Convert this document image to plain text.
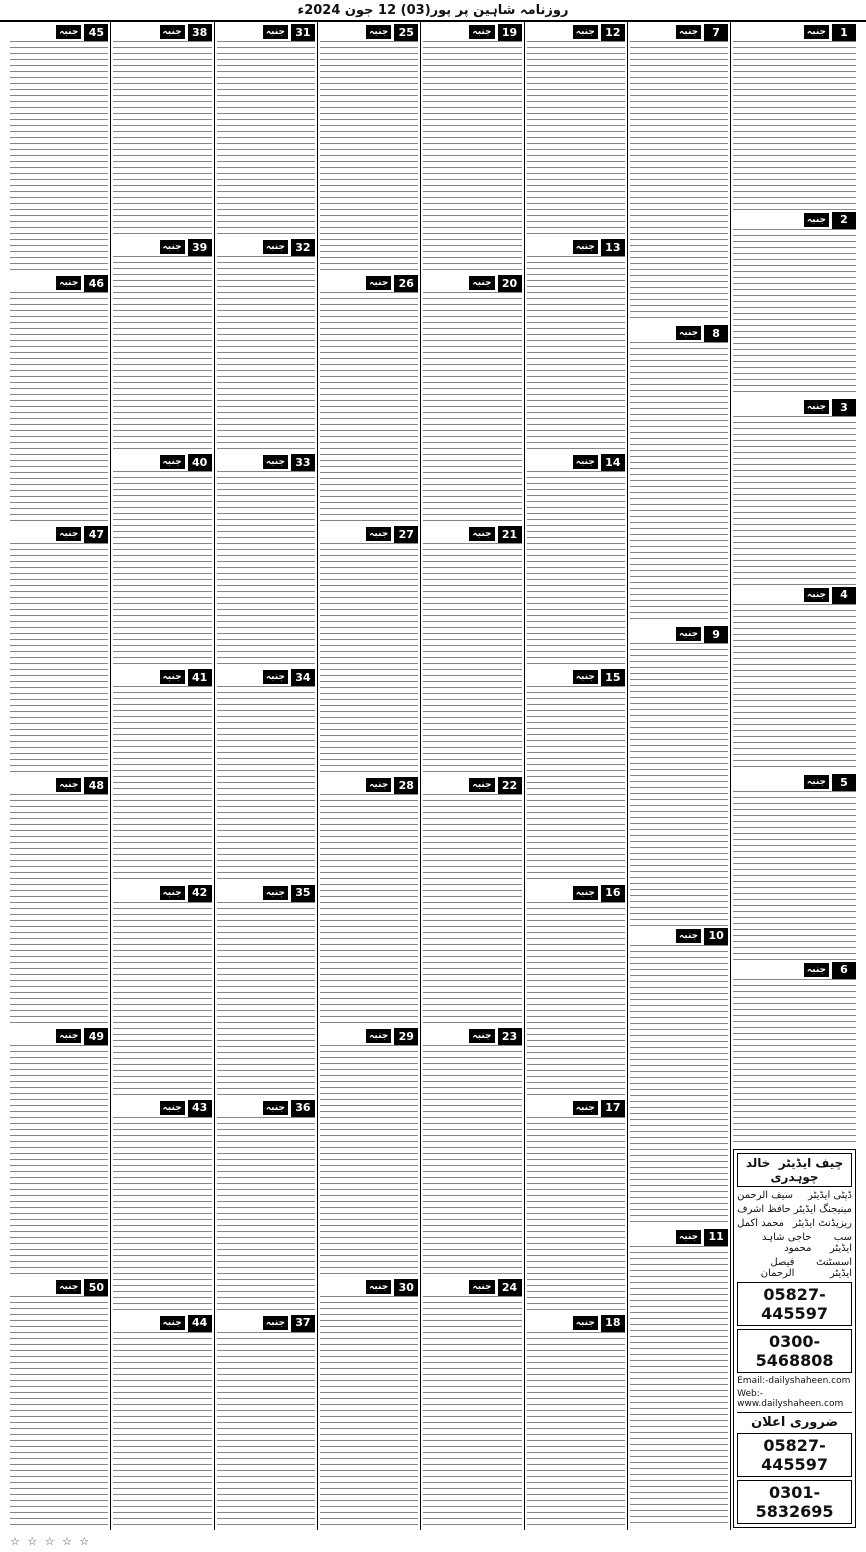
روزنامہ شاہین پر پور(03) 12 جون 2024ء
1
جنبہ
2
جنبہ
3
جنبہ
4
جنبہ
5
جنبہ
6
جنبہ
چیف ایڈیٹر  خالد چوہدری
ڈپٹی ایڈیٹر
سیف الرحمن
مینیجنگ ایڈیٹر
حافظ اشرف
ریزیڈنٹ ایڈیٹر
محمد اکمل
سب ایڈیٹر
حاجی شاہد محمود
اسسٹنٹ ایڈیٹر
فیصل الرحمان
05827-445597
0300-5468808
Email:-dailyshaheen.com
Web:-www.dailyshaheen.com
ضروری اعلان
05827-445597
0301-5832695
7
جنبہ
8
جنبہ
9
جنبہ
10
جنبہ
11
جنبہ
12
جنبہ
13
جنبہ
14
جنبہ
15
جنبہ
16
جنبہ
17
جنبہ
18
جنبہ
19
جنبہ
20
جنبہ
21
جنبہ
22
جنبہ
23
جنبہ
24
جنبہ
25
جنبہ
26
جنبہ
27
جنبہ
28
جنبہ
29
جنبہ
30
جنبہ
31
جنبہ
32
جنبہ
33
جنبہ
34
جنبہ
35
جنبہ
36
جنبہ
37
جنبہ
38
جنبہ
39
جنبہ
40
جنبہ
41
جنبہ
42
جنبہ
43
جنبہ
44
جنبہ
45
جنبہ
46
جنبہ
47
جنبہ
48
جنبہ
49
جنبہ
50
جنبہ
☆ ☆ ☆ ☆ ☆
